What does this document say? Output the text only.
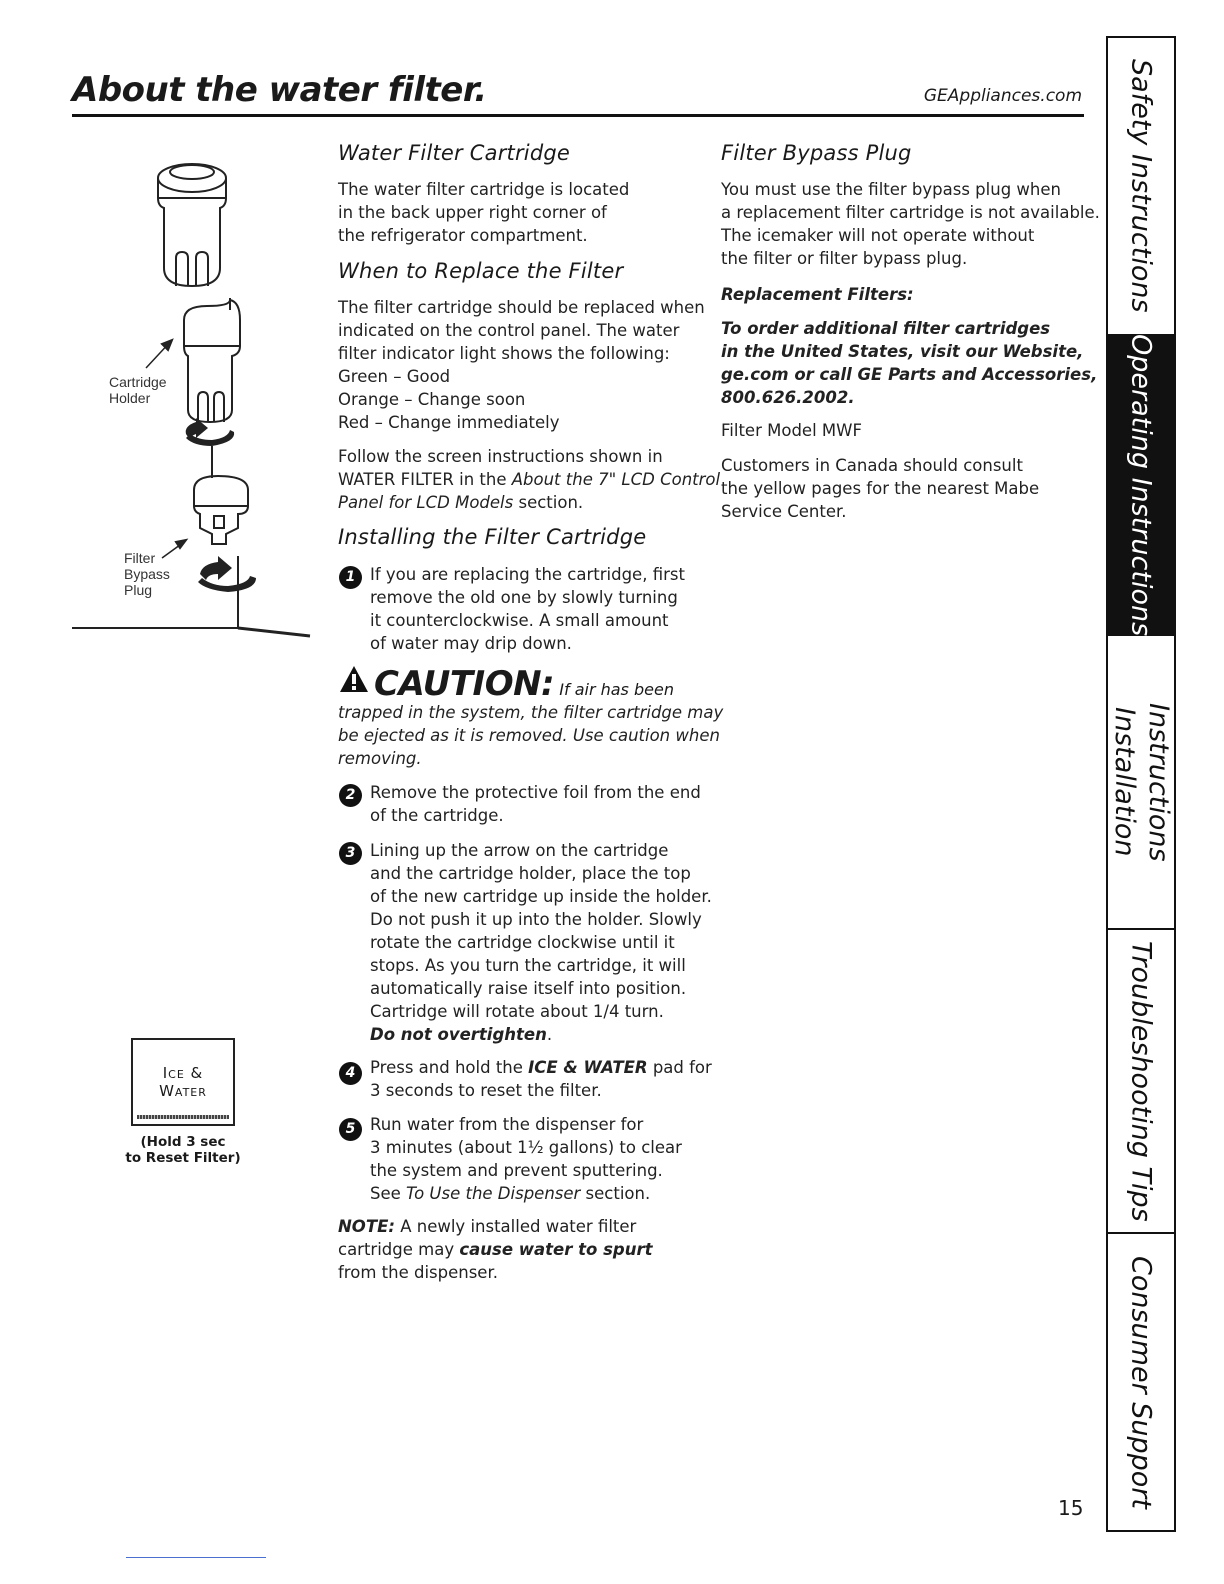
About the water filter.	GEAppliances.com
Cartridge
Holder
Filter
Bypass
Plug
Ice &
Water
(Hold 3 sec
to Reset Filter)
Water Filter Cartridge
The water filter cartridge is located
in the back upper right corner of
the refrigerator compartment.
When to Replace the Filter
The filter cartridge should be replaced when
indicated on the control panel. The water
filter indicator light shows the following:
Green – Good
Orange – Change soon
Red – Change immediately
Follow the screen instructions shown in
WATER FILTER in the About the 7" LCD Control
Panel for LCD Models section.
Installing the Filter Cartridge
1 If you are replacing the cartridge, first
remove the old one by slowly turning
it counterclockwise. A small amount
of water may drip down.
CAUTION: If air has been
trapped in the system, the filter cartridge may
be ejected as it is removed. Use caution when
removing.
2 Remove the protective foil from the end
of the cartridge.
3 Lining up the arrow on the cartridge
and the cartridge holder, place the top
of the new cartridge up inside the holder.
Do not push it up into the holder. Slowly
rotate the cartridge clockwise until it
stops. As you turn the cartridge, it will
automatically raise itself into position.
Cartridge will rotate about 1/4 turn.
Do not overtighten.
4 Press and hold the ICE & WATER pad for
3 seconds to reset the filter.
5 Run water from the dispenser for
3 minutes (about 1½ gallons) to clear
the system and prevent sputtering.
See To Use the Dispenser section.
NOTE: A newly installed water filter
cartridge may cause water to spurt
from the dispenser.
Filter Bypass Plug
You must use the filter bypass plug when
a replacement filter cartridge is not available.
The icemaker will not operate without
the filter or filter bypass plug.
Replacement Filters:
To order additional filter cartridges
in the United States, visit our Website,
ge.com or call GE Parts and Accessories,
800.626.2002.
Filter Model MWF
Customers in Canada should consult
the yellow pages for the nearest Mabe
Service Center.
Safety Instructions
Operating Instructions
Installation Instructions
Troubleshooting Tips
Consumer Support
15
